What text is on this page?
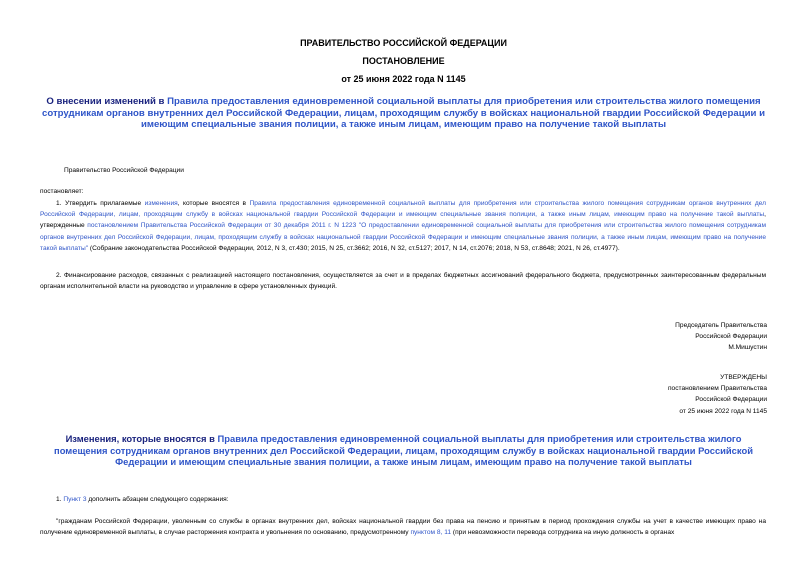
ПРАВИТЕЛЬСТВО РОССИЙСКОЙ ФЕДЕРАЦИИ
ПОСТАНОВЛЕНИЕ
от 25 июня 2022 года N 1145
О внесении изменений в Правила предоставления единовременной социальной выплаты для приобретения или строительства жилого помещения сотрудникам органов внутренних дел Российской Федерации, лицам, проходящим службу в войсках национальной гвардии Российской Федерации и имеющим специальные звания полиции, а также иным лицам, имеющим право на получение такой выплаты
Правительство Российской Федерации
постановляет:
1. Утвердить прилагаемые изменения, которые вносятся в Правила предоставления единовременной социальной выплаты для приобретения или строительства жилого помещения сотрудникам органов внутренних дел Российской Федерации, лицам, проходящим службу в войсках национальной гвардии Российской Федерации и имеющим специальные звания полиции, а также иным лицам, имеющим право на получение такой выплаты, утвержденные постановлением Правительства Российской Федерации от 30 декабря 2011 г. N 1223 "О предоставлении единовременной социальной выплаты для приобретения или строительства жилого помещения сотрудникам органов внутренних дел Российской Федерации, лицам, проходящим службу в войсках национальной гвардии Российской Федерации и имеющим специальные звания полиции, а также иным лицам, имеющим право на получение такой выплаты" (Собрание законодательства Российской Федерации, 2012, N 3, ст.430; 2015, N 25, ст.3662; 2016, N 32, ст.5127; 2017, N 14, ст.2076; 2018, N 53, ст.8648; 2021, N 26, ст.4977).
2. Финансирование расходов, связанных с реализацией настоящего постановления, осуществляется за счет и в пределах бюджетных ассигнований федерального бюджета, предусмотренных заинтересованным федеральным органам исполнительной власти на руководство и управление в сфере установленных функций.
Председатель Правительства
Российской Федерации
М.Мишустин
УТВЕРЖДЕНЫ
постановлением Правительства
Российской Федерации
от 25 июня 2022 года N 1145
Изменения, которые вносятся в Правила предоставления единовременной социальной выплаты для приобретения или строительства жилого помещения сотрудникам органов внутренних дел Российской Федерации, лицам, проходящим службу в войсках национальной гвардии Российской Федерации и имеющим специальные звания полиции, а также иным лицам, имеющим право на получение такой выплаты
1. Пункт 3 дополнить абзацем следующего содержания:
"гражданам Российской Федерации, уволенным со службы в органах внутренних дел, войсках национальной гвардии без права на пенсию и принятым в период прохождения службы на учет в качестве имеющих право на получение единовременной выплаты, в случае расторжения контракта и увольнения по основанию, предусмотренному пунктом 8, 11 (при невозможности перевода сотрудника на иную должность в органах
